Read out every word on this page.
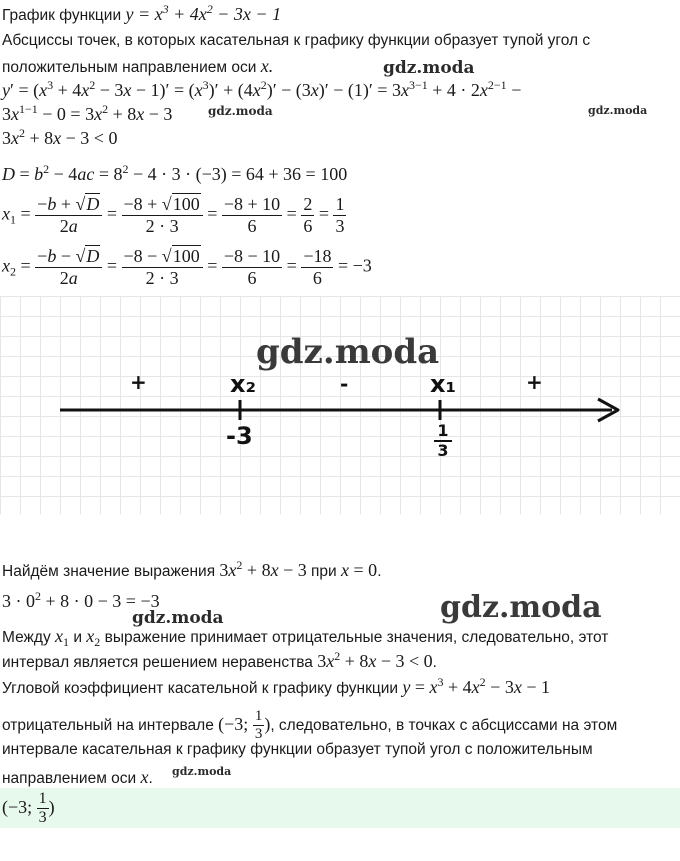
График функции $y = x^3 + 4x^2 - 3x - 1$
Абсциссы точек, в которых касательная к графику функции образует тупой угол с
положительным направлением оси x.	gdz.moda
$y' = (x^3 + 4x^2 - 3x - 1)' = (x^3)' + (4x^2)' - (3x)' - (1)' = 3x^{3-1} + 4 \cdot 2x^{2-1}$ −
$3x^{1-1} - 0 = 3x^2 + 8x - 3$	gdz.moda	gdz.moda
$3x^2 + 8x - 3 < 0$
$D = b^2 - 4ac = 8^2 - 4 \cdot 3 \cdot (-3) = 64 + 36 = 100$
$x_1 = \frac{-b + √D}{2a} = \frac{-8 + √100}{2 \cdot 3} = \frac{-8 + 10}{6} = \frac{2}{6} = \frac{1}{3}$
$x_2 = \frac{-b - √D}{2a} = \frac{-8 - √100}{2 \cdot 3} = \frac{-8 - 10}{6} = \frac{-18}{6} = -3$
gdz.moda
+	-	+
x₂	x₁
-3	1
3
Найдём значение выражения $3x^2 + 8x - 3$ при x = 0.
$3 \cdot 0^2 + 8 \cdot 0 - 3 = -3$
gdz.moda	gdz.moda
Между $x_1$ и $x_2$ выражение принимает отрицательные значения, следовательно, этот
интервал является решением неравенства $3x^2 + 8x - 3 < 0$.
Угловой коэффициент касательной к графику функции $y = x^3 + 4x^2 - 3x - 1$
отрицательный на интервале (−3; $\frac{1}{3}$ ), следовательно, в точках с абсциссами на этом
интервале касательная к графику функции образует тупой угол с положительным
направлением оси x. gdz.moda
(−3; $\frac{1}{3}$ )
